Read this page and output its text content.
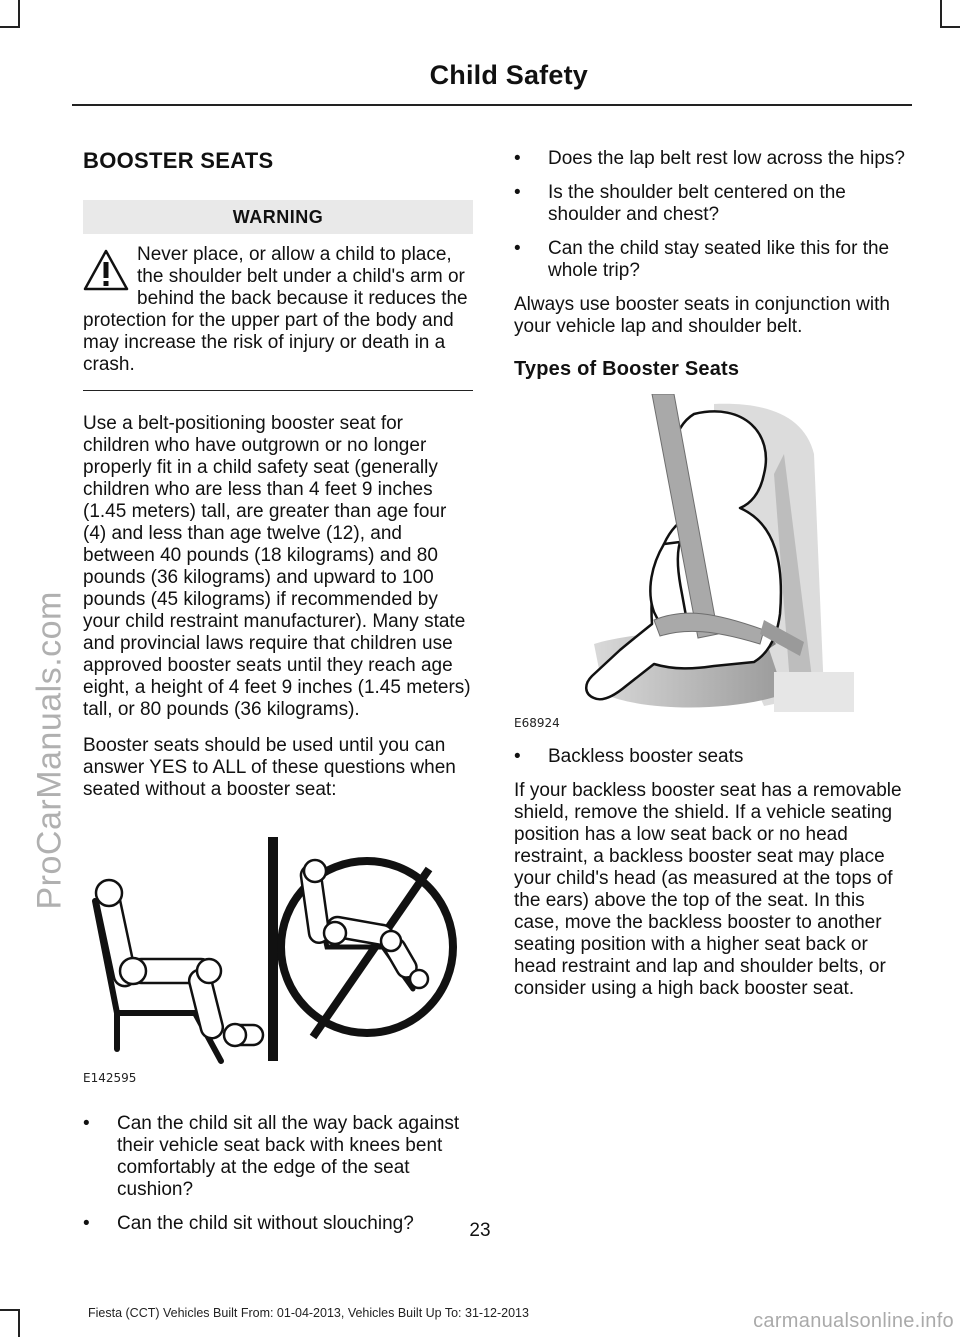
Child Safety
ProCarManuals.com
BOOSTER SEATS
WARNING
Never place, or allow a child to place, the shoulder belt under a child's arm or behind the back because it reduces the protection for the upper part of the body and may increase the risk of injury or death in a crash.

Use a belt-positioning booster seat for children who have outgrown or no longer properly fit in a child safety seat (generally children who are less than 4 feet 9 inches (1.45 meters) tall, are greater than age four (4) and less than age twelve (12), and between 40 pounds (18 kilograms) and 80 pounds (36 kilograms) and upward to 100 pounds (45 kilograms) if recommended by your child restraint manufacturer). Many state and provincial laws require that children use approved booster seats until they reach age eight, a height of 4 feet 9 inches (1.45 meters) tall, or 80 pounds (36 kilograms).

Booster seats should be used until you can answer YES to ALL of these questions when seated without a booster seat:

E142595
• Can the child sit all the way back against their vehicle seat back with knees bent comfortably at the edge of the seat cushion?
• Can the child sit without slouching?
• Does the lap belt rest low across the hips?
• Is the shoulder belt centered on the shoulder and chest?
• Can the child stay seated like this for the whole trip?

Always use booster seats in conjunction with your vehicle lap and shoulder belt.

Types of Booster Seats
E68924
• Backless booster seats

If your backless booster seat has a removable shield, remove the shield. If a vehicle seating position has a low seat back or no head restraint, a backless booster seat may place your child's head (as measured at the tops of the ears) above the top of the seat. In this case, move the backless booster to another seating position with a higher seat back or head restraint and lap and shoulder belts, or consider using a high back booster seat.

23
Fiesta (CCT) Vehicles Built From: 01-04-2013, Vehicles Built Up To: 31-12-2013	carmanualsonline.info
